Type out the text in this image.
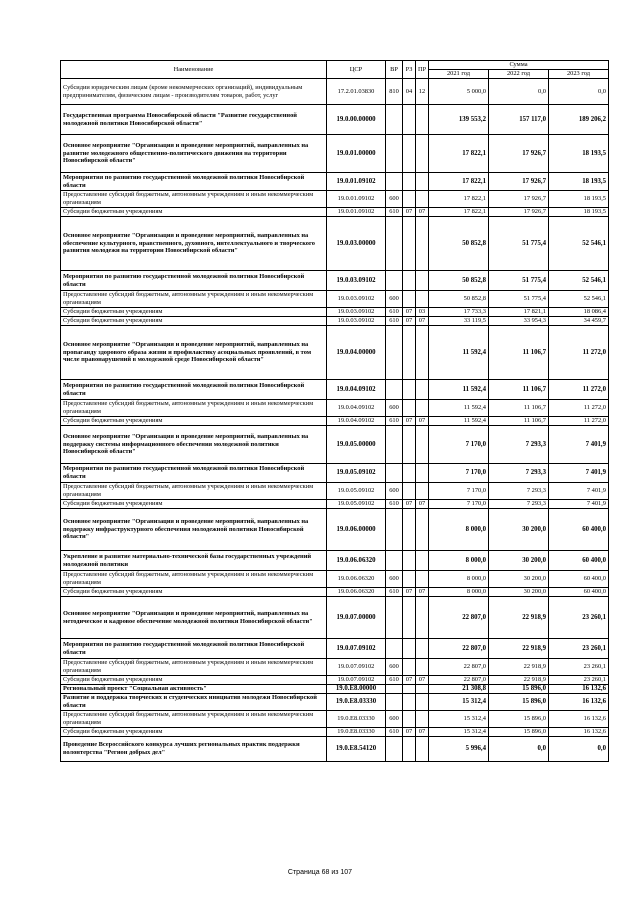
Наименование	ЦСР	ВР	РЗ	ПР	Сумма		
					2021 год	2022 год	2023 год
Субсидии юридическим лицам (кроме некоммерческих организаций), индивидуальным предпринимателям, физическим лицам - производителям товаров, работ, услуг	17.2.01.03830	810	04	12	5 000,0	0,0	0,0
Государственная программа Новосибирской области "Развитие государственной молодежной политики Новосибирской области"	19.0.00.00000				139 553,2	157 117,0	189 206,2
Основное мероприятие "Организация и проведение мероприятий, направленных на развитие молодежного общественно-политического движения на территории Новосибирской области"	19.0.01.00000				17 822,1	17 926,7	18 193,5
Мероприятия по развитию государственной молодежной политики Новосибирской области	19.0.01.09102				17 822,1	17 926,7	18 193,5
Предоставление субсидий бюджетным, автономным учреждениям и иным некоммерческим организациям	19.0.01.09102	600			17 822,1	17 926,7	18 193,5
Субсидии бюджетным учреждениям	19.0.01.09102	610	07	07	17 822,1	17 926,7	18 193,5
Основное мероприятие "Организация и проведение мероприятий, направленных на обеспечение культурного, нравственного, духовного, интеллектуального и творческого развития молодежи на территории Новосибирской области"	19.0.03.00000				50 852,8	51 775,4	52 546,1
Мероприятия по развитию государственной молодежной политики Новосибирской области	19.0.03.09102				50 852,8	51 775,4	52 546,1
Предоставление субсидий бюджетным, автономным учреждениям и иным некоммерческим организациям	19.0.03.09102	600			50 852,8	51 775,4	52 546,1
Субсидии бюджетным учреждениям	19.0.03.09102	610	07	03	17 733,3	17 821,1	18 086,4
Субсидии бюджетным учреждениям	19.0.03.09102	610	07	07	33 119,5	33 954,3	34 459,7
Основное мероприятие "Организация и проведение мероприятий, направленных на пропаганду здорового образа жизни и профилактику асоциальных проявлений, в том числе правонарушений в молодежной среде Новосибирской области"	19.0.04.00000				11 592,4	11 106,7	11 272,0
Мероприятия по развитию государственной молодежной политики Новосибирской области	19.0.04.09102				11 592,4	11 106,7	11 272,0
Предоставление субсидий бюджетным, автономным учреждениям и иным некоммерческим организациям	19.0.04.09102	600			11 592,4	11 106,7	11 272,0
Субсидии бюджетным учреждениям	19.0.04.09102	610	07	07	11 592,4	11 106,7	11 272,0
Основное мероприятие "Организация и проведение мероприятий, направленных на поддержку системы информационного обеспечения молодежной политики Новосибирской области"	19.0.05.00000				7 170,0	7 293,3	7 401,9
Мероприятия по развитию государственной молодежной политики Новосибирской области	19.0.05.09102				7 170,0	7 293,3	7 401,9
Предоставление субсидий бюджетным, автономным учреждениям и иным некоммерческим организациям	19.0.05.09102	600			7 170,0	7 293,3	7 401,9
Субсидии бюджетным учреждениям	19.0.05.09102	610	07	07	7 170,0	7 293,3	7 401,9
Основное мероприятие "Организация и проведение мероприятий, направленных на поддержку инфраструктурного обеспечения молодежной политики Новосибирской области"	19.0.06.00000				8 000,0	30 200,0	60 400,0
Укрепление и развитие материально-технической базы государственных учреждений молодежной политики	19.0.06.06320				8 000,0	30 200,0	60 400,0
Предоставление субсидий бюджетным, автономным учреждениям и иным некоммерческим организациям	19.0.06.06320	600			8 000,0	30 200,0	60 400,0
Субсидии бюджетным учреждениям	19.0.06.06320	610	07	07	8 000,0	30 200,0	60 400,0
Основное мероприятие "Организация и проведение мероприятий, направленных на методическое и кадровое обеспечение молодежной политики Новосибирской области"	19.0.07.00000				22 807,0	22 918,9	23 260,1
Мероприятия по развитию государственной молодежной политики Новосибирской области	19.0.07.09102				22 807,0	22 918,9	23 260,1
Предоставление субсидий бюджетным, автономным учреждениям и иным некоммерческим организациям	19.0.07.09102	600			22 807,0	22 918,9	23 260,1
Субсидии бюджетным учреждениям	19.0.07.09102	610	07	07	22 807,0	22 918,9	23 260,1
Региональный проект "Социальная активность"	19.0.E8.00000				21 308,8	15 896,0	16 132,6
Развитие и поддержка творческих и студенческих инициатив молодежи Новосибирской области	19.0.E8.03330				15 312,4	15 896,0	16 132,6
Предоставление субсидий бюджетным, автономным учреждениям и иным некоммерческим организациям	19.0.E8.03330	600			15 312,4	15 896,0	16 132,6
Субсидии бюджетным учреждениям	19.0.E8.03330	610	07	07	15 312,4	15 896,0	16 132,6
Проведение Всероссийского конкурса лучших региональных практик поддержки волонтерства "Регион добрых дел"	19.0.E8.54120				5 996,4	0,0	0,0
Страница 68 из 107
